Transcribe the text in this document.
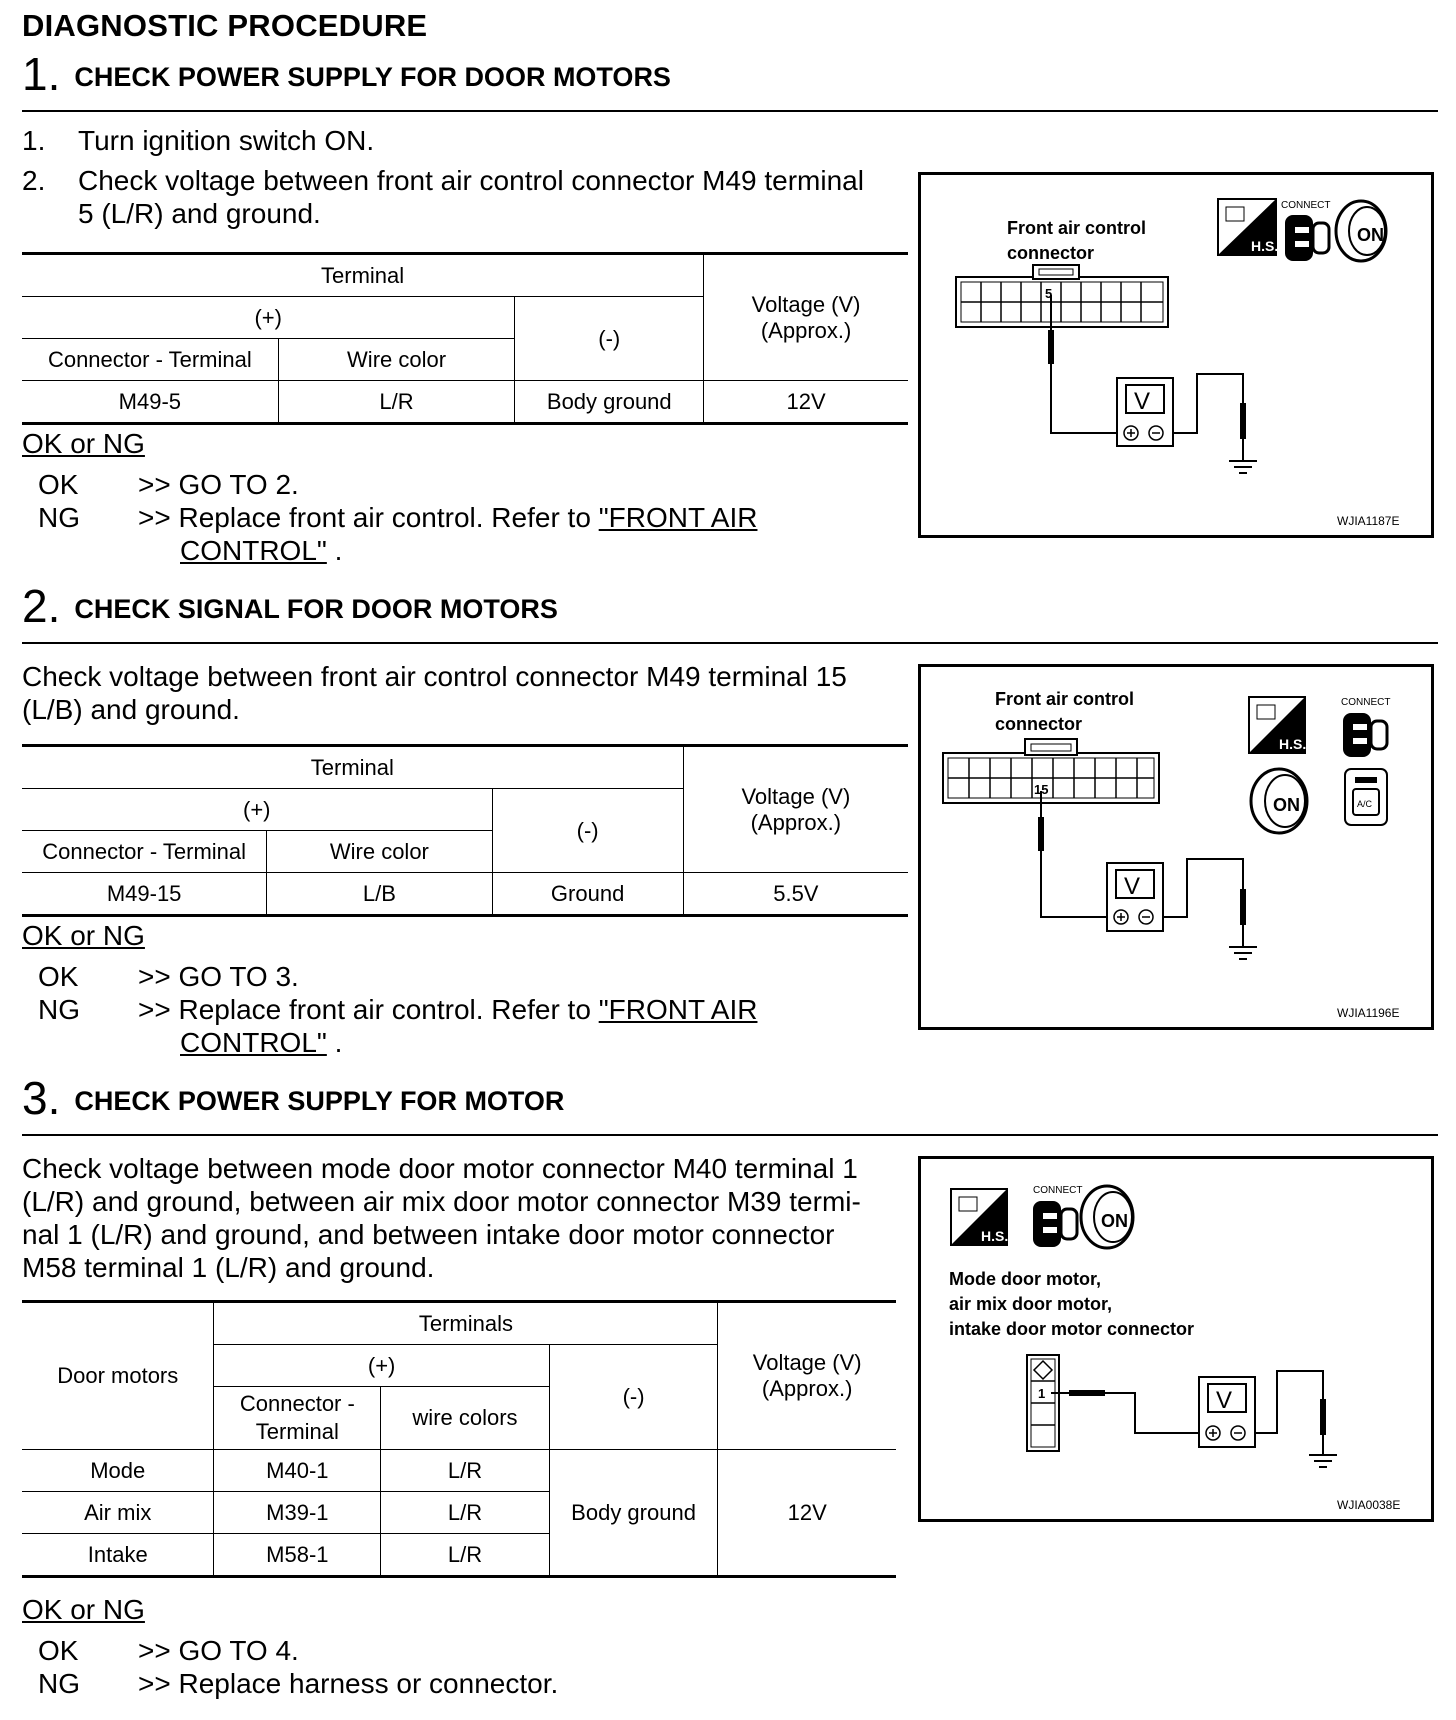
DIAGNOSTIC PROCEDURE
1. CHECK POWER SUPPLY FOR DOOR MOTORS
1. Turn ignition switch ON.
2. Check voltage between front air control connector M49 terminal
5 (L/R) and ground.
Terminal			Voltage (V)
(Approx.)

(+)		(-)	
Connector - Terminal	Wire color		
M49-5	L/R	Body ground	12V
OK or NG
OK >> GO TO 2.
NG >> Replace front air control. Refer to "FRONT AIR
CONTROL" .
Front air control
connector	H.S.
CONNECT
ON
5
V
WJIA1187E
2. CHECK SIGNAL FOR DOOR MOTORS
Check voltage between front air control connector M49 terminal 15
(L/B) and ground.
Terminal			Voltage (V)
(Approx.)

(+)		(-)	
Connector - Terminal	Wire color		
M49-15	L/B	Ground	5.5V
OK or NG
OK >> GO TO 3.
NG >> Replace front air control. Refer to "FRONT AIR
CONTROL" .
Front air control
connector
H.S.
CONNECT
ON	A/C
15
V
WJIA1196E
3. CHECK POWER SUPPLY FOR MOTOR
Check voltage between mode door motor connector M40 terminal 1
(L/R) and ground, between air mix door motor connector M39 termi-
nal 1 (L/R) and ground, and between intake door motor connector
M58 terminal 1 (L/R) and ground.
Door motors	Terminals			Voltage (V)
(Approx.)

	(+)		(-)	

	Connector -
Terminal	wire colors		
Mode	M40-1	L/R	Body ground	12V
Air mix	M39-1	L/R		
Intake	M58-1	L/R		
OK or NG
OK >> GO TO 4.
NG >> Replace harness or connector.
H.S.
CONNECT
ON
Mode door motor,
air mix door motor,
intake door motor connector
1	V
WJIA0038E
